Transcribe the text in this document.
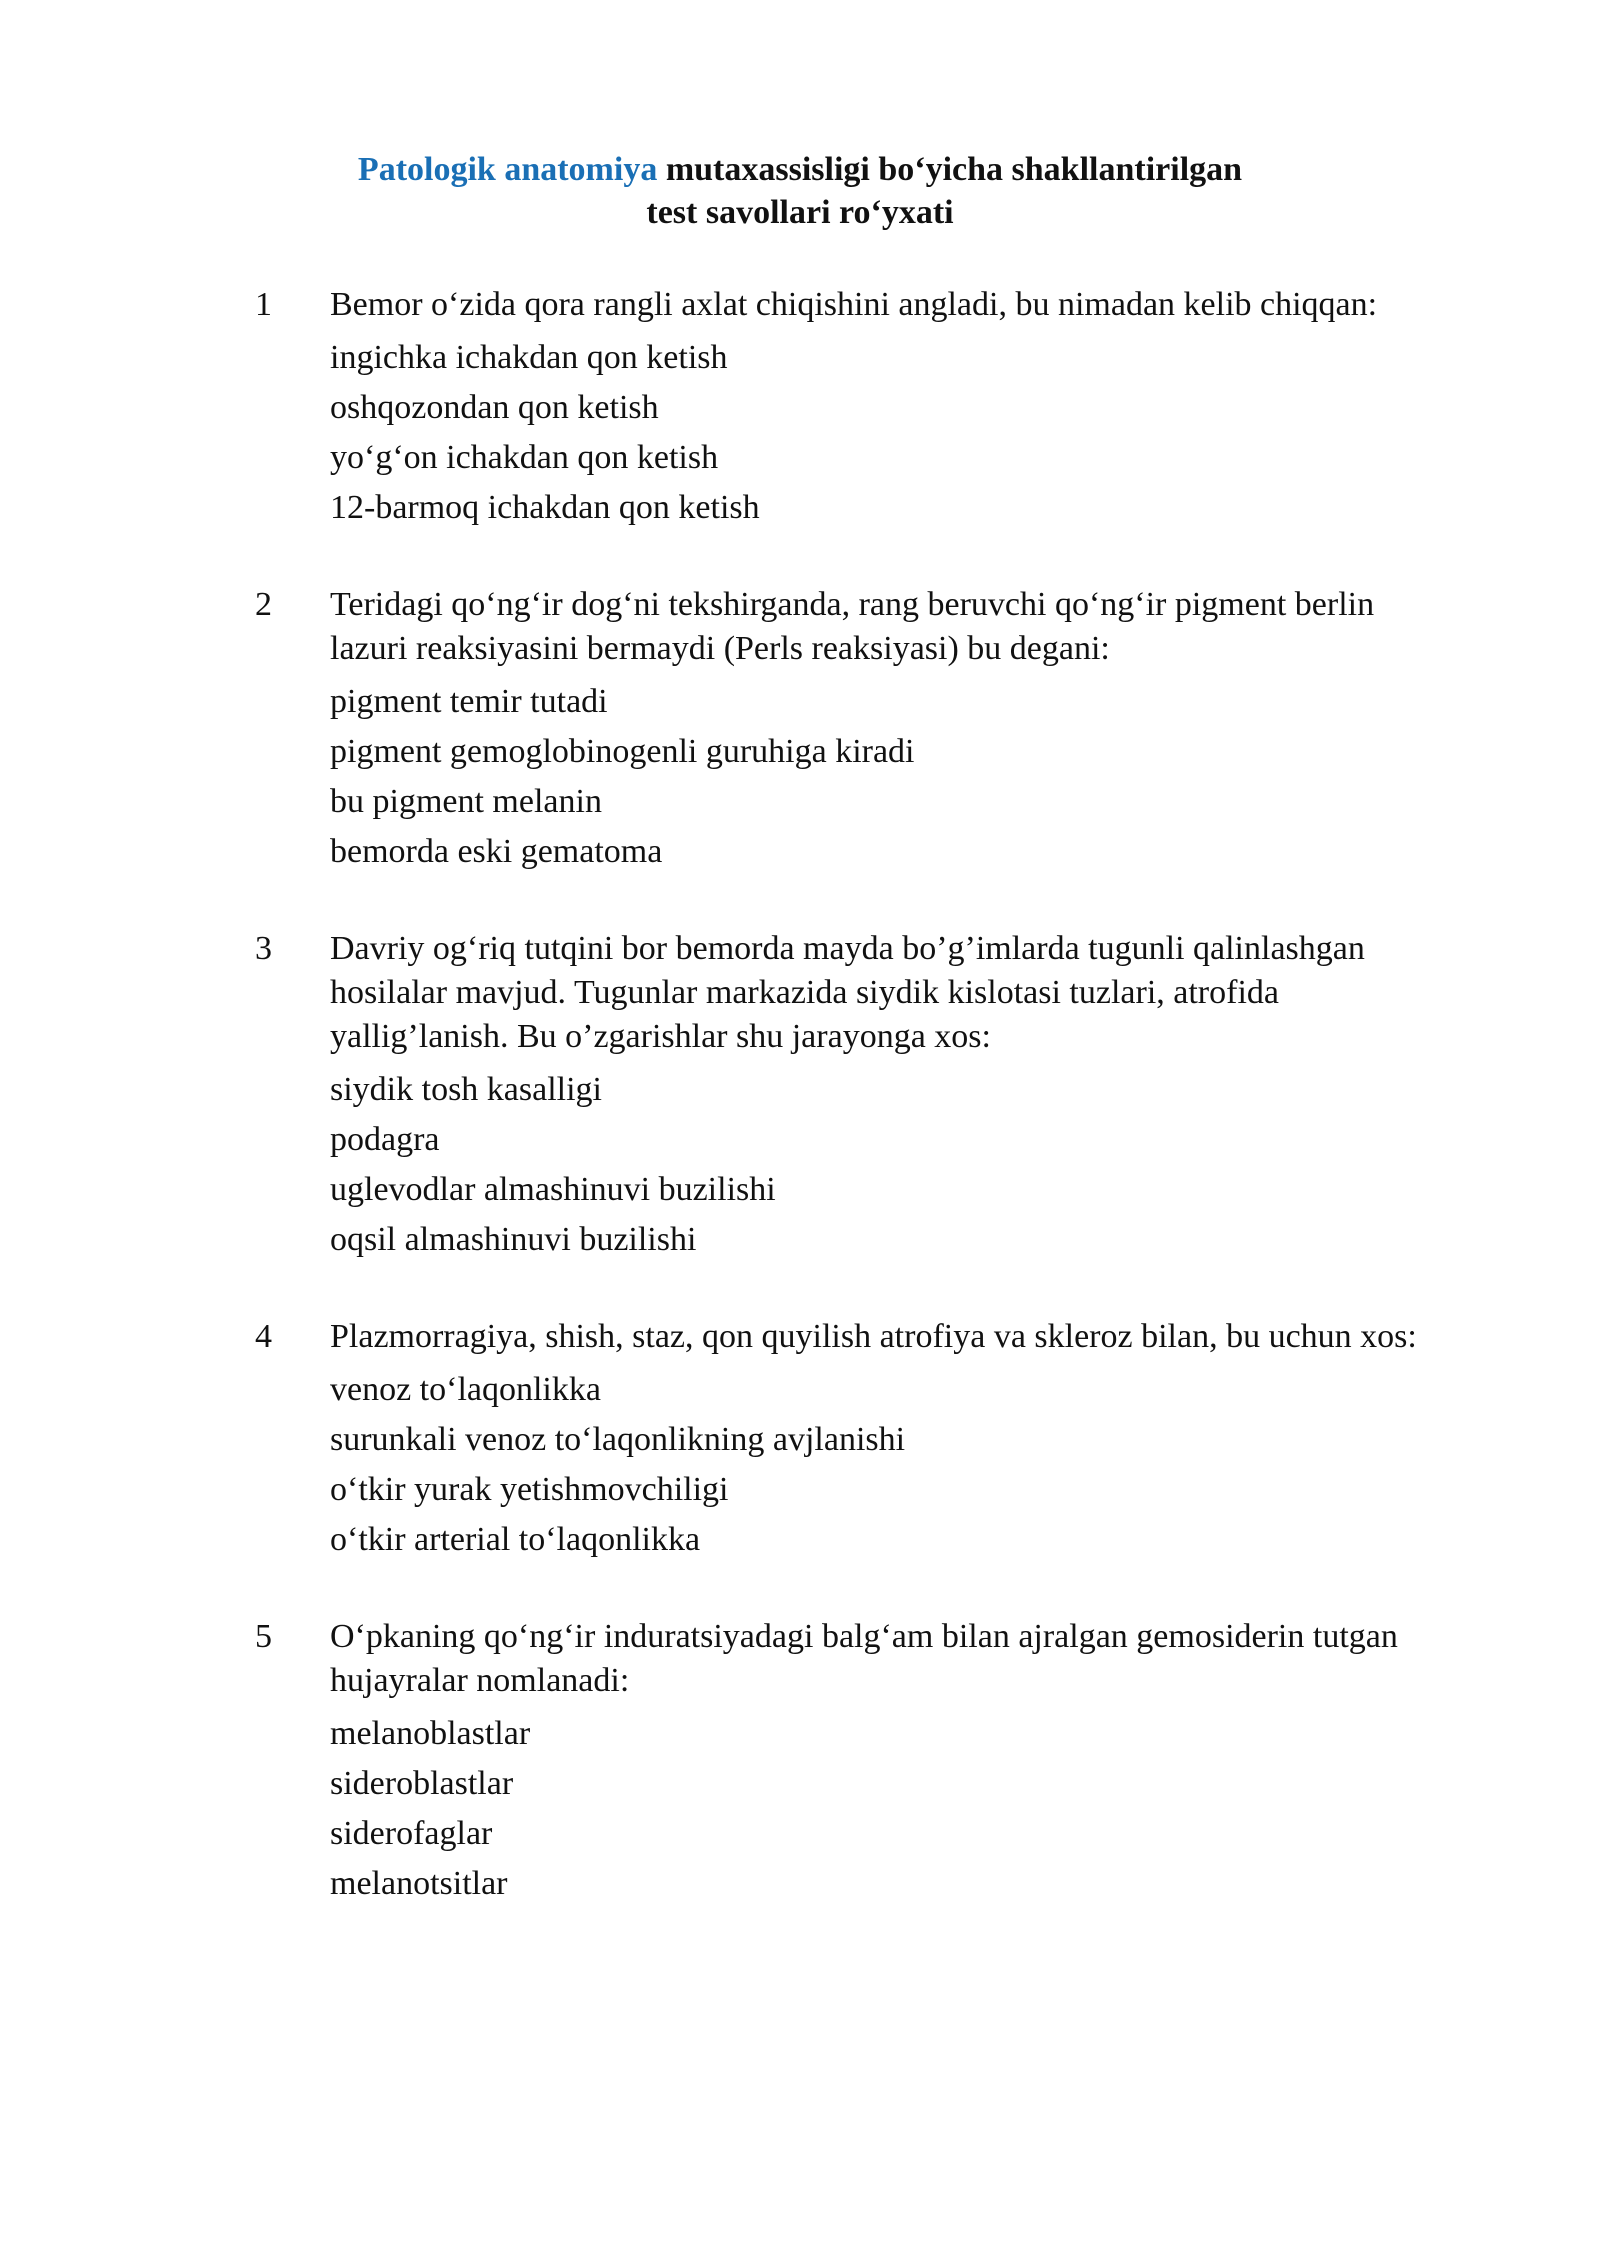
Patologik anatomiya mutaxassisligi bo‘yicha shakllantirilgan
test savollari ro‘yxati
1 Bemor o‘zida qora rangli axlat chiqishini angladi, bu nimadan kelib chiqqan:
ingichka ichakdan qon ketish
oshqozondan qon ketish
yo‘g‘on ichakdan qon ketish
12-barmoq ichakdan qon ketish
2 Teridagi qo‘ng‘ir dog‘ni tekshirganda, rang beruvchi qo‘ng‘ir pigment berlin lazuri reaksiyasini bermaydi (Perls reaksiyasi) bu degani:
pigment temir tutadi
pigment gemoglobinogenli guruhiga kiradi
bu pigment melanin
bemorda eski gematoma
3 Davriy og‘riq tutqini bor bemorda mayda bo’g’imlarda tugunli qalinlashgan hosilalar mavjud. Tugunlar markazida siydik kislotasi tuzlari, atrofida yallig’lanish. Bu o’zgarishlar shu jarayonga xos:
siydik tosh kasalligi
podagra
uglevodlar almashinuvi buzilishi
oqsil almashinuvi buzilishi
4 Plazmorragiya, shish, staz, qon quyilish atrofiya va skleroz bilan, bu uchun xos:
venoz to‘laqonlikka
surunkali venoz to‘laqonlikning avjlanishi
o‘tkir yurak yetishmovchiligi
o‘tkir arterial to‘laqonlikka
5 O‘pkaning qo‘ng‘ir induratsiyadagi balg‘am bilan ajralgan gemosiderin tutgan hujayralar nomlanadi:
melanoblastlar
sideroblastlar
siderofaglar
melanotsitlar
